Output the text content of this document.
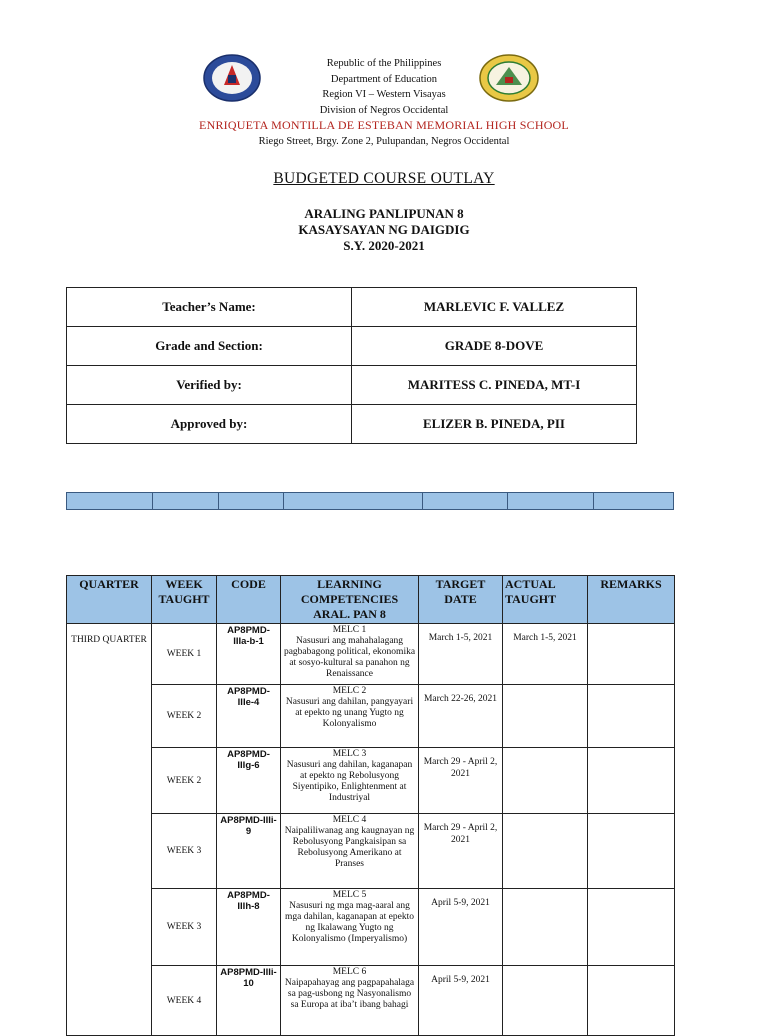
Republic of the Philippines
Department of Education
Region VI – Western Visayas
Division of Negros Occidental
ENRIQUETA MONTILLA DE ESTEBAN MEMORIAL HIGH SCHOOL
Riego Street, Brgy. Zone 2, Pulupandan, Negros Occidental
BUDGETED COURSE OUTLAY
ARALING PANLIPUNAN 8
KASAYSAYAN NG DAIGDIG
S.Y. 2020-2021
Teacher’s Name:	MARLEVIC F. VALLEZ
Grade and Section:	GRADE 8-DOVE
Verified by:	MARITESS C. PINEDA, MT-I
Approved by:	ELIZER B. PINEDA, PII

QUARTER	WEEK TAUGHT	CODE	LEARNING COMPETENCIES ARAL. PAN 8	TARGET DATE	ACTUAL TAUGHT	REMARKS
THIRD QUARTER	WEEK 1	AP8PMD-IIIa-b-1	MELC 1
Nasusuri ang mahahalagang pagbabagong political, ekonomika at sosyo-kultural sa panahon ng Renaissance	March 1-5, 2021	March 1-5, 2021	
	WEEK 2	AP8PMD-IIIe-4	MELC 2
Nasusuri ang dahilan, pangyayari at epekto ng unang Yugto ng Kolonyalismo	March 22-26, 2021		
	WEEK 2	AP8PMD-IIIg-6	MELC 3
Nasusuri ang dahilan, kaganapan at epekto ng Rebolusyong Siyentipiko, Enlightenment at Industriyal	March 29 - April 2, 2021		
	WEEK 3	AP8PMD-IIIi-9	MELC 4
Naipaliliwanag ang kaugnayan ng Rebolusyong Pangkaisipan sa Rebolusyong Amerikano at Pranses	March 29 - April 2, 2021		
	WEEK 3	AP8PMD-IIIh-8	MELC 5
Nasusuri ng mga mag-aaral ang mga dahilan, kaganapan at epekto ng Ikalawang Yugto ng Kolonyalismo (Imperyalismo)	April 5-9, 2021		
	WEEK 4	AP8PMD-IIIi-10	MELC 6
Naipapahayag ang pagpapahalaga sa pag-usbong ng Nasyonalismo sa Europa at iba’t ibang bahagi	April 5-9, 2021		
